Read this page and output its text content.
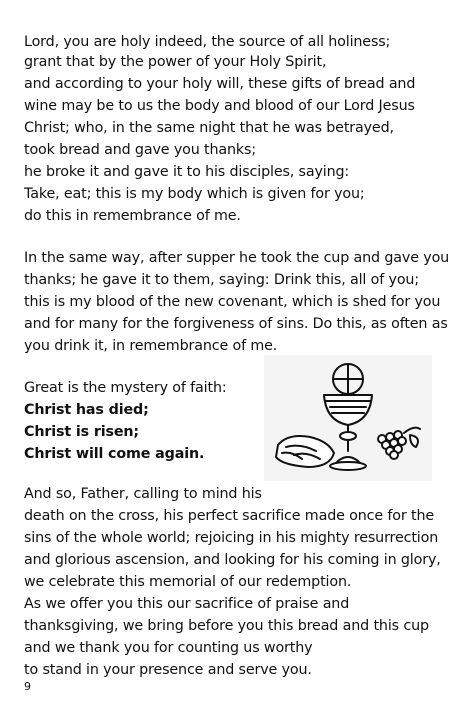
Lord, you are holy indeed, the source of all holiness;
grant that by the power of your Holy Spirit,
and according to your holy will, these gifts of bread and
wine may be to us the body and blood of our Lord Jesus
Christ; who, in the same night that he was betrayed,
took bread and gave you thanks;
he broke it and gave it to his disciples, saying:
Take, eat; this is my body which is given for you;
do this in remembrance of me.
In the same way, after supper he took the cup and gave you
thanks; he gave it to them, saying: Drink this, all of you;
this is my blood of the new covenant, which is shed for you
and for many for the forgiveness of sins. Do this, as often as
you drink it, in remembrance of me.
Great is the mystery of faith:
Christ has died;
Christ is risen;
Christ will come again.
And so, Father, calling to mind his
death on the cross, his perfect sacrifice made once for the
sins of the whole world; rejoicing in his mighty resurrection
and glorious ascension, and looking for his coming in glory,
we celebrate this memorial of our redemption.
As we offer you this our sacrifice of praise and
thanksgiving, we bring before you this bread and this cup
and we thank you for counting us worthy
to stand in your presence and serve you.
9
